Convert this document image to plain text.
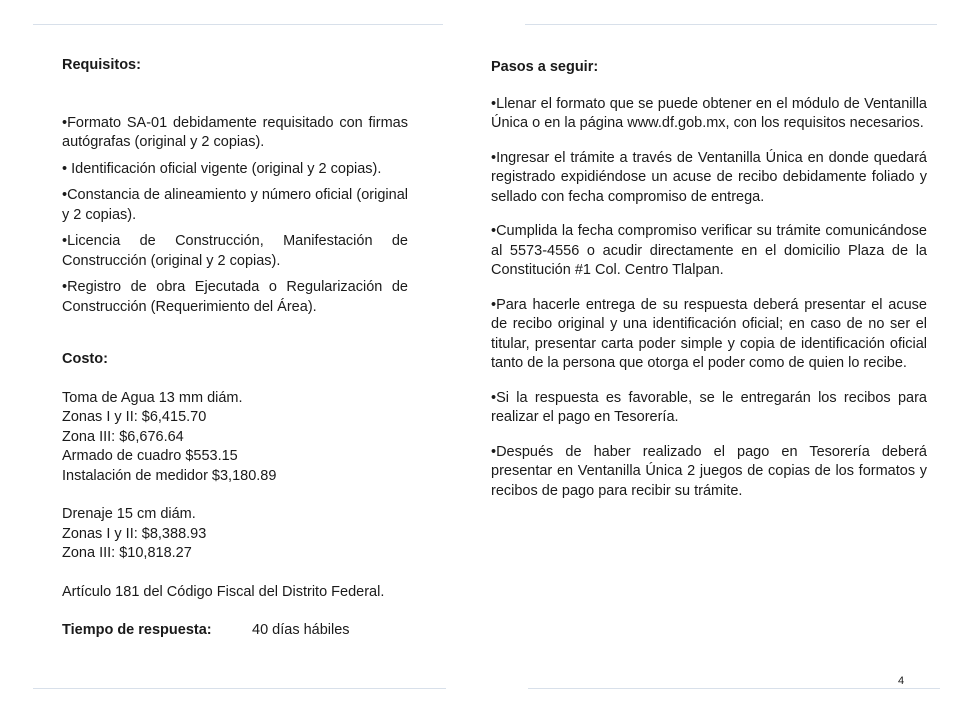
Requisitos:

•Formato SA-01 debidamente requisitado con firmas autógrafas (original y 2 copias).

• Identificación oficial vigente (original y 2 copias).

•Constancia de alineamiento y número oficial (original y 2 copias).

•Licencia de Construcción, Manifestación de Construcción (original y 2 copias).

•Registro de obra Ejecutada o Regularización de Construcción (Requerimiento del Área).

Costo:

Toma de Agua 13 mm diám.

Zonas I y II: $6,415.70

Zona III: $6,676.64

Armado de cuadro $553.15

Instalación de medidor $3,180.89

Drenaje 15 cm diám.

Zonas I y II: $8,388.93

Zona III: $10,818.27

Artículo 181 del Código Fiscal del Distrito Federal.

Tiempo de respuesta:	40 días hábiles

Pasos a seguir:

•Llenar el formato que se puede obtener en el módulo de Ventanilla Única o en la página www.df.gob.mx, con los requisitos necesarios.

•Ingresar el trámite a través de Ventanilla Única en donde quedará registrado expidiéndose un acuse de recibo debidamente foliado y sellado con fecha compromiso de entrega.

•Cumplida la fecha compromiso verificar su trámite comunicándose al 5573-4556 o acudir directamente en el domicilio Plaza de la Constitución #1 Col. Centro Tlalpan.

•Para hacerle entrega de su respuesta deberá presentar el acuse de recibo original y una identificación oficial; en caso de no ser el titular, presentar carta poder simple y copia de identificación oficial tanto de la persona que otorga el poder como de quien lo recibe.

•Si la respuesta es favorable, se le entregarán los recibos para realizar el pago en Tesorería.

•Después de haber realizado el pago en Tesorería deberá presentar en Ventanilla Única 2 juegos de copias de los formatos y recibos de pago para recibir su trámite.

4
